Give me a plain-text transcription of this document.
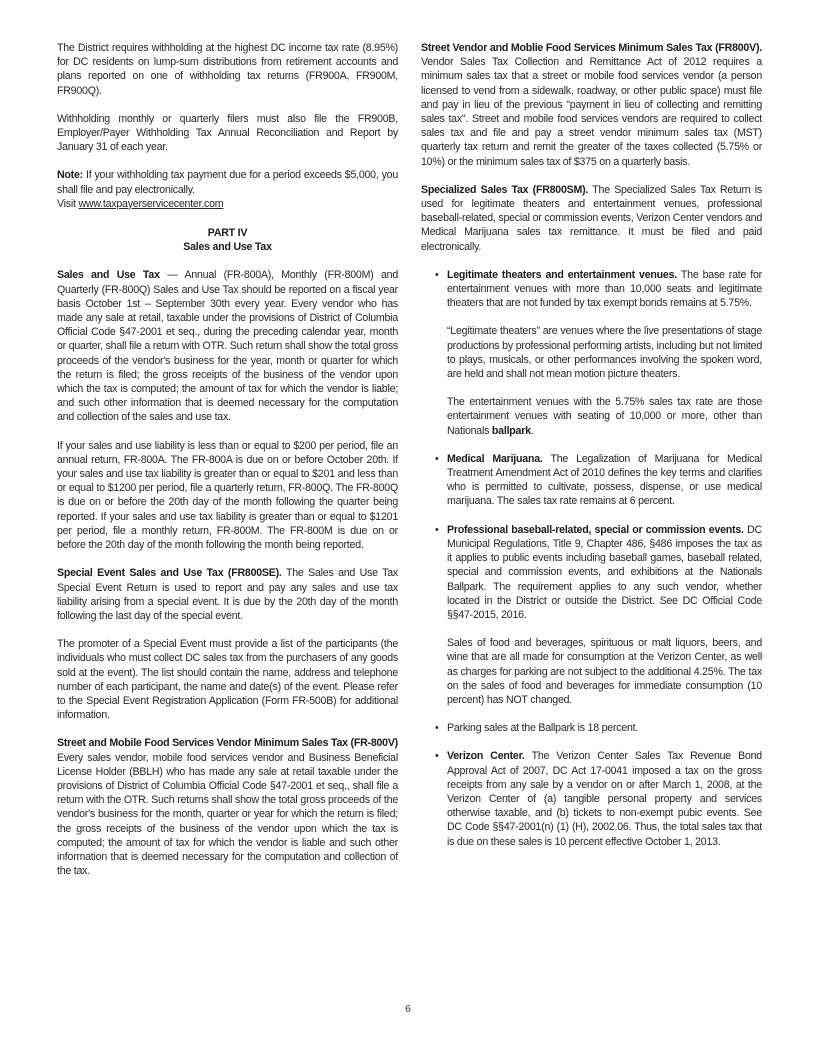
The District requires withholding at the highest DC income tax rate (8.95%) for DC residents on lump-sum distributions from retirement accounts and plans reported on one of withholding tax returns (FR900A, FR900M, FR900Q).

Withholding monthly or quarterly filers must also file the FR900B, Employer/Payer Withholding Tax Annual Reconciliation and Report by January 31 of each year.

Note: If your withholding tax payment due for a period exceeds $5,000, you shall file and pay electronically.
Visit www.taxpayerservicecenter.com

PART IV
Sales and Use Tax

Sales and Use Tax — Annual (FR-800A), Monthly (FR-800M) and Quarterly (FR-800Q) Sales and Use Tax should be reported on a fiscal year basis October 1st – September 30th every year. Every vendor who has made any sale at retail, taxable under the provisions of District of Columbia Official Code §47-2001 et seq., during the preceding calendar year, month or quarter, shall file a return with OTR. Such return shall show the total gross proceeds of the vendor's business for the year, month or quarter for which the return is filed; the gross receipts of the business of the vendor upon which the tax is computed; the amount of tax for which the vendor is liable; and such other information that is deemed necessary for the computation and collection of the sales and use tax.

If your sales and use liability is less than or equal to $200 per period, file an annual return, FR-800A. The FR-800A is due on or before October 20th. If your sales and use tax liability is greater than or equal to $201 and less than or equal to $1200 per period, file a quarterly return, FR-800Q. The FR-800Q is due on or before the 20th day of the month following the quarter being reported. If your sales and use tax liability is greater than or equal to $1201 per period, file a monthly return, FR-800M. The FR-800M is due on or before the 20th day of the month following the month being reported.

Special Event Sales and Use Tax (FR800SE). The Sales and Use Tax Special Event Return is used to report and pay any sales and use tax liability arising from a special event. It is due by the 20th day of the month following the last day of the special event.

The promoter of a Special Event must provide a list of the participants (the individuals who must collect DC sales tax from the purchasers of any goods sold at the event). The list should contain the name, address and telephone number of each participant, the name and date(s) of the event. Please refer to the Special Event Registration Application (Form FR-500B) for additional information.

Street and Mobile Food Services Vendor Minimum Sales Tax (FR-800V) Every sales vendor, mobile food services vendor and Business Beneficial License Holder (BBLH) who has made any sale at retail taxable under the provisions of District of Columbia Official Code §47-2001 et seq., shall file a return with the OTR. Such returns shall show the total gross proceeds of the vendor's business for the month, quarter or year for which the return is filed; the gross receipts of the business of the vendor upon which the tax is computed; the amount of tax for which the vendor is liable and such other information that is deemed necessary for the computation and collection of the tax.

Street Vendor and Moblie Food Services Minimum Sales Tax (FR800V). Vendor Sales Tax Collection and Remittance Act of 2012 requires a minimum sales tax that a street or mobile food services vendor (a person licensed to vend from a sidewalk, roadway, or other public space) must file and pay in lieu of the previous "payment in lieu of collecting and remitting sales tax". Street and mobile food services vendors are required to collect sales tax and file and pay a street vendor minimum sales tax (MST) quarterly tax return and remit the greater of the taxes collected (5.75% or 10%) or the minimum sales tax of $375 on a quarterly basis.

Specialized Sales Tax (FR800SM). The Specialized Sales Tax Return is used for legitimate theaters and entertainment venues, professional baseball-related, special or commission events, Verizon Center vendors and Medical Marijuana sales tax remittance. It must be filed and paid electronically.

•

Legitimate theaters and entertainment venues. The base rate for entertainment venues with more than 10,000 seats and legitimate theaters that are not funded by tax exempt bonds remains at 5.75%.

“Legitimate theaters” are venues where the live presentations of stage productions by professional performing artists, including but not limited to plays, musicals, or other performances involving the spoken word, are held and shall not mean motion picture theaters.

The entertainment venues with the 5.75% sales tax rate are those entertainment venues with seating of 10,000 or more, other than Nationals ballpark.

•

Medical Marijuana. The Legalization of Marijuana for Medical Treatment Amendment Act of 2010 defines the key terms and clarifies who is permitted to cultivate, possess, dispense, or use medical marijuana. The sales tax rate remains at 6 percent.

•

Professional baseball-related, special or commission events. DC Municipal Regulations, Title 9, Chapter 486, §486 imposes the tax as it applies to public events including baseball games, baseball related, special and commission events, and exhibitions at the Nationals Ballpark. The requirement applies to any such vendor, whether located in the District or outside the District. See DC Official Code §§47-2015, 2016.

Sales of food and beverages, spirituous or malt liquors, beers, and wine that are all made for consumption at the Verizon Center, as well as charges for parking are not subject to the additional 4.25%. The tax on the sales of food and beverages for immediate consumption (10 percent) has NOT changed.

•

Parking sales at the Ballpark is 18 percent.

•

Verizon Center. The Verizon Center Sales Tax Revenue Bond Approval Act of 2007, DC Act 17-0041 imposed a tax on the gross receipts from any sale by a vendor on or after March 1, 2008, at the Verizon Center of (a) tangible personal property and services otherwise taxable, and (b) tickets to non-exempt pubic events. See DC Code §§47-2001(n) (1) (H), 2002.06. Thus, the total sales tax that is due on these sales is 10 percent effective October 1, 2013.

6
